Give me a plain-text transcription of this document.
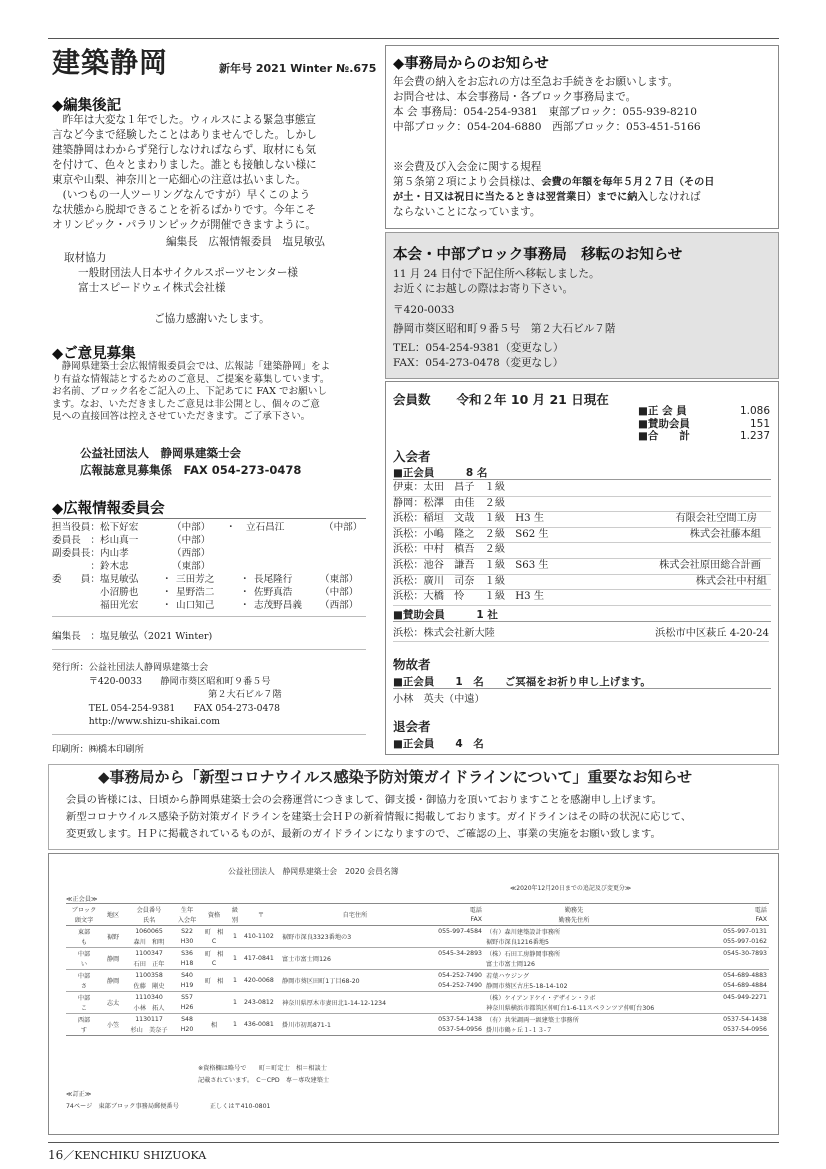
建築静岡	新年号 2021 Winter №.675
◆編集後記
　昨年は大変な１年でした。ウィルスによる緊急事態宣
言など今まで経験したことはありませんでした。しかし
建築静岡はわからず発行しなければならず、取材にも気
を付けて、色々とまわりました。誰とも接触しない様に
東京や山梨、神奈川と一応細心の注意は払いました。
　(いつもの一人ツーリングなんですが）早くこのよう
な状態から脱却できることを祈るばかりです。今年こそ
オリンピック・パラリンピックが開催できますように。
編集長　広報情報委員　塩見敏弘
取材協力
一般財団法人日本サイクルスポーツセンター様
富士スピードウェイ株式会社様
ご協力感謝いたします。
◆ご意見募集
　静岡県建築士会広報情報委員会では、広報誌「建築静岡」をよ
り有益な情報誌とするためのご意見、ご提案を募集しています。
お名前、ブロック名をご記入の上、下記あてに FAX でお願いし
ます。なお、いただきましたご意見は非公開とし、個々のご意
見への直接回答は控えさせていただきます。ご了承下さい。
公益社団法人　静岡県建築士会
広報誌意見募集係　FAX 054-273-0478
◆広報情報委員会
担当役員：松下好宏	（中部） ・ 立石昌江	（中部）
委員長　：杉山真一	（中部）
副委員長：内山孝	（西部）
　　　　：鈴木忠	（東部）
委　　員：塩見敏弘 ・ 三田芳之	・ 長尾隆行	（東部）
小沼勝也 ・ 星野浩二	・ 佐野真浩	（中部）
福田光宏 ・ 山口知己	・ 志茂野昌義 （西部）
編集長　：塩見敏弘（2021 Winter)
発行所：公益社団法人静岡県建築士会
　　　　〒420-0033　　静岡市葵区昭和町９番５号
　　　　　　　　　　　　　　　　　第２大石ビル７階
　　　　TEL 054-254-9381　　FAX 054-273-0478
　　　　http://www.shizu-shikai.com
印刷所：㈱橋本印刷所
◆事務局からのお知らせ
年会費の納入をお忘れの方は至急お手続きをお願いします。
お問合せは、本会事務局・各ブロック事務局まで。
本 会 事務局：054-254-9381　東部ブロック：055-939-8210
中部ブロック：054-204-6880　西部ブロック：053-451-5166
※会費及び入会金に関する規程
第５条第２項により会員様は、会費の年額を毎年５月２７日（その日
が土・日又は祝日に当たるときは翌営業日）までに納入しなければ
ならないことになっています。
本会・中部ブロック事務局　移転のお知らせ
11 月 24 日付で下記住所へ移転しました。
お近くにお越しの際はお寄り下さい。
〒420-0033
静岡市葵区昭和町９番５号　第２大石ビル７階
TEL：054-254-9381（変更なし）
FAX：054-273-0478（変更なし）
会員数 令和２年 10 月 21 日現在
■正 会 員	1.086
■賛助会員	151
■合　　計	1.237
入会者
■正会員　　　8 名
伊東：太田　昌子　１級
静岡：松澤　由佳　２級
浜松：稲垣　文哉　１級　H3 生	有限会社空間工房
浜松：小嶋　隆之　２級　S62 生	株式会社藤本組
浜松：中村　槙吾　２級
浜松：池谷　謙吾　１級　S63 生	株式会社原田総合計画
浜松：廣川　司奈　１級	株式会社中村組
浜松：大橋　怜　　１級　H3 生
■賛助会員　　　1 社
浜松：株式会社新大陸	浜松市中区萩丘 4-20-24
物故者
■正会員　　1　名　　ご冥福をお祈り申し上げます。
小林　英夫（中遠）
退会者
■正会員　　4　名
◆事務局から「新型コロナウイルス感染予防対策ガイドラインについて」重要なお知らせ
会員の皆様には、日頃から静岡県建築士会の会務運営につきまして、御支援・御協力を頂いておりますことを感謝申し上げます。
新型コロナウイルス感染予防対策ガイドラインを建築士会ＨＰの新着情報に掲載しております。ガイドラインはその時の状況に応じて、
変更致します。ＨＰに掲載されているものが、最新のガイドラインになりますので、ご確認の上、事業の実施をお願い致します。
公益社団法人　静岡県建築士会　2020 会員名簿
≪2020年12月20日までの追記及び変更分≫
≪正会員≫
ブロック	地区	会員番号	生年	資格	級	〒	自宅住所	電話	勤務先	電話
頭文字		氏名	入会年		別			FAX	勤務先住所	FAX
東部	裾野	1060065	S22	町　相	1	410-1102	裾野市深良3323番地の3	055-997-4584	（有）森川建築設計事務所	055-997-0131
も		森川　和明	H30	C					裾野市深良1216番地5	055-997-0162
中部	静岡	1100347	S36	町　相	1	417-0841	富士市富士岡126	0545-34-2893	（株）石田工房静岡事務所	0545-30-7893
い		石田　正年	H18	C					富士市富士岡126	
中部	静岡	1100358	S40	町　相	1	420-0068	静岡市葵区田町1丁目68-20	054-252-7490	若葉ハウジング	054-689-4883
さ		佐藤　剛史	H19					054-252-7490	静岡市葵区古庄5-18-14-102	054-689-4884
中部	志太	1110340	S57		1	243-0812	神奈川県厚木市妻田北1-14-12-1234		（株）ケイアンドケイ・デザイン・ラボ	045-949-2271
こ		小林　拓人	H26						神奈川県横浜市都筑区仲町台1-6-11スペランツア仲町台306	
西部	小笠	1130117	S48	相	1	436-0081	掛川市初馬871-1	0537-54-1438	（有）共栄調両一級建築士事務所	0537-54-1438
す		杉山　美奈子	H20					0537-54-0956	掛川市鶴ヶ丘１-１３-７	0537-54-0956
※資格欄は略号で　　町＝町定士　相＝相談士
記載されています。　C－CPD　専－専攻建築士
≪訂正≫
74ページ　東部ブロック事務局郵便番号　　　　　正しくは〒410-0801
16／KENCHIKU SHIZUOKA
